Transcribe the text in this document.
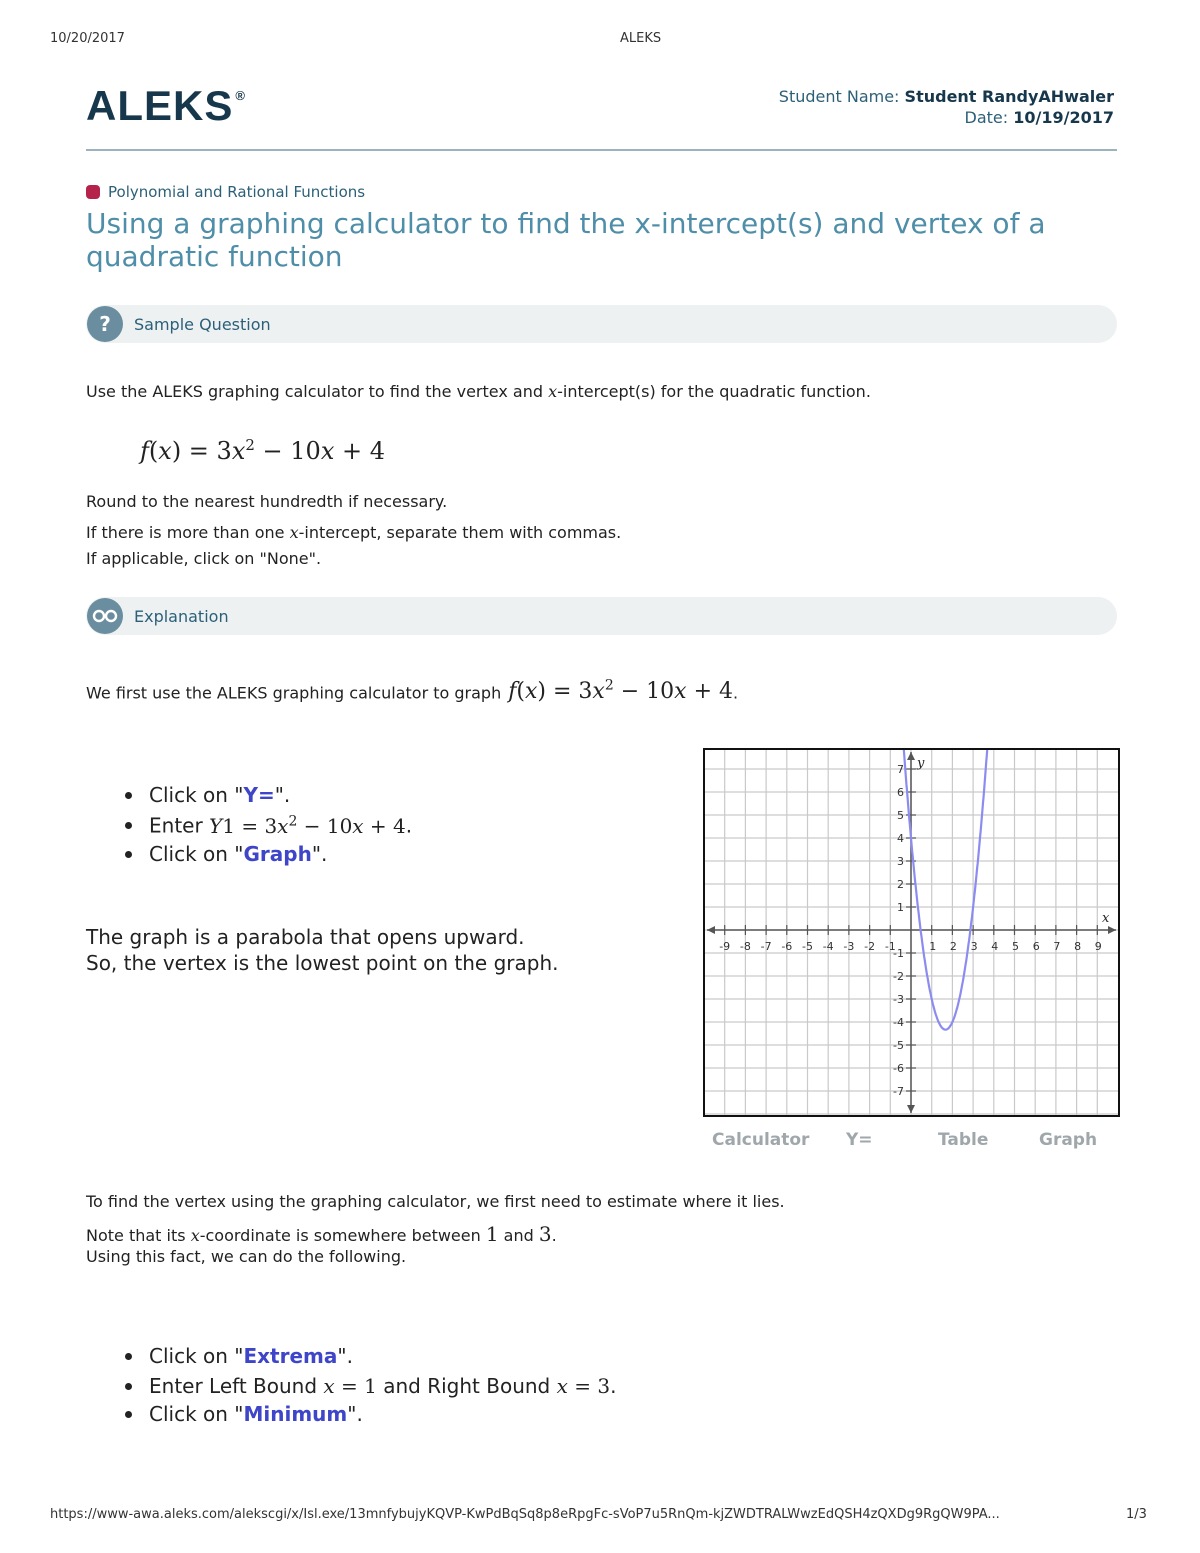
10/20/2017	ALEKS
ALEKS ®	Student Name: Student RandyAHwaler
Date: 10/19/2017
Polynomial and Rational Functions
Using a graphing calculator to find the x-intercept(s) and vertex of a quadratic function
? Sample Question
Use the ALEKS graphing calculator to find the vertex and x-intercept(s) for the quadratic function.
$f(x) = 3x^2 - 10x + 4$
Round to the nearest hundredth if necessary.
If there is more than one x-intercept, separate them with commas.
If applicable, click on "None".
Explanation
We first use the ALEKS graphing calculator to graph $f(x) = 3x^2 - 10x + 4$.
Click on "Y=".
Enter $Y1 = 3x^2 - 10x + 4$.
Click on "Graph".
The graph is a parabola that opens upward.
So, the vertex is the lowest point on the graph.
-9 -8 -7 -6 -5 -4 -3 -2 -1	1 2 3 4 5 6 7 8 9
-7
-6
-5
-4
-3
-2
-1
1
2
3
4
5
6
7
x
y
Calculator Y=	Table	Graph
To find the vertex using the graphing calculator, we first need to estimate where it lies.
Note that its x-coordinate is somewhere between 1 and 3.
Using this fact, we can do the following.
Click on "Extrema".
Enter Left Bound x = 1 and Right Bound x = 3.
Click on "Minimum".
https://www-awa.aleks.com/alekscgi/x/Isl.exe/13mnfybujyKQVP-KwPdBqSq8p8eRpgFc-sVoP7u5RnQm-kjZWDTRALWwzEdQSH4zQXDg9RgQW9PA...	1/3
